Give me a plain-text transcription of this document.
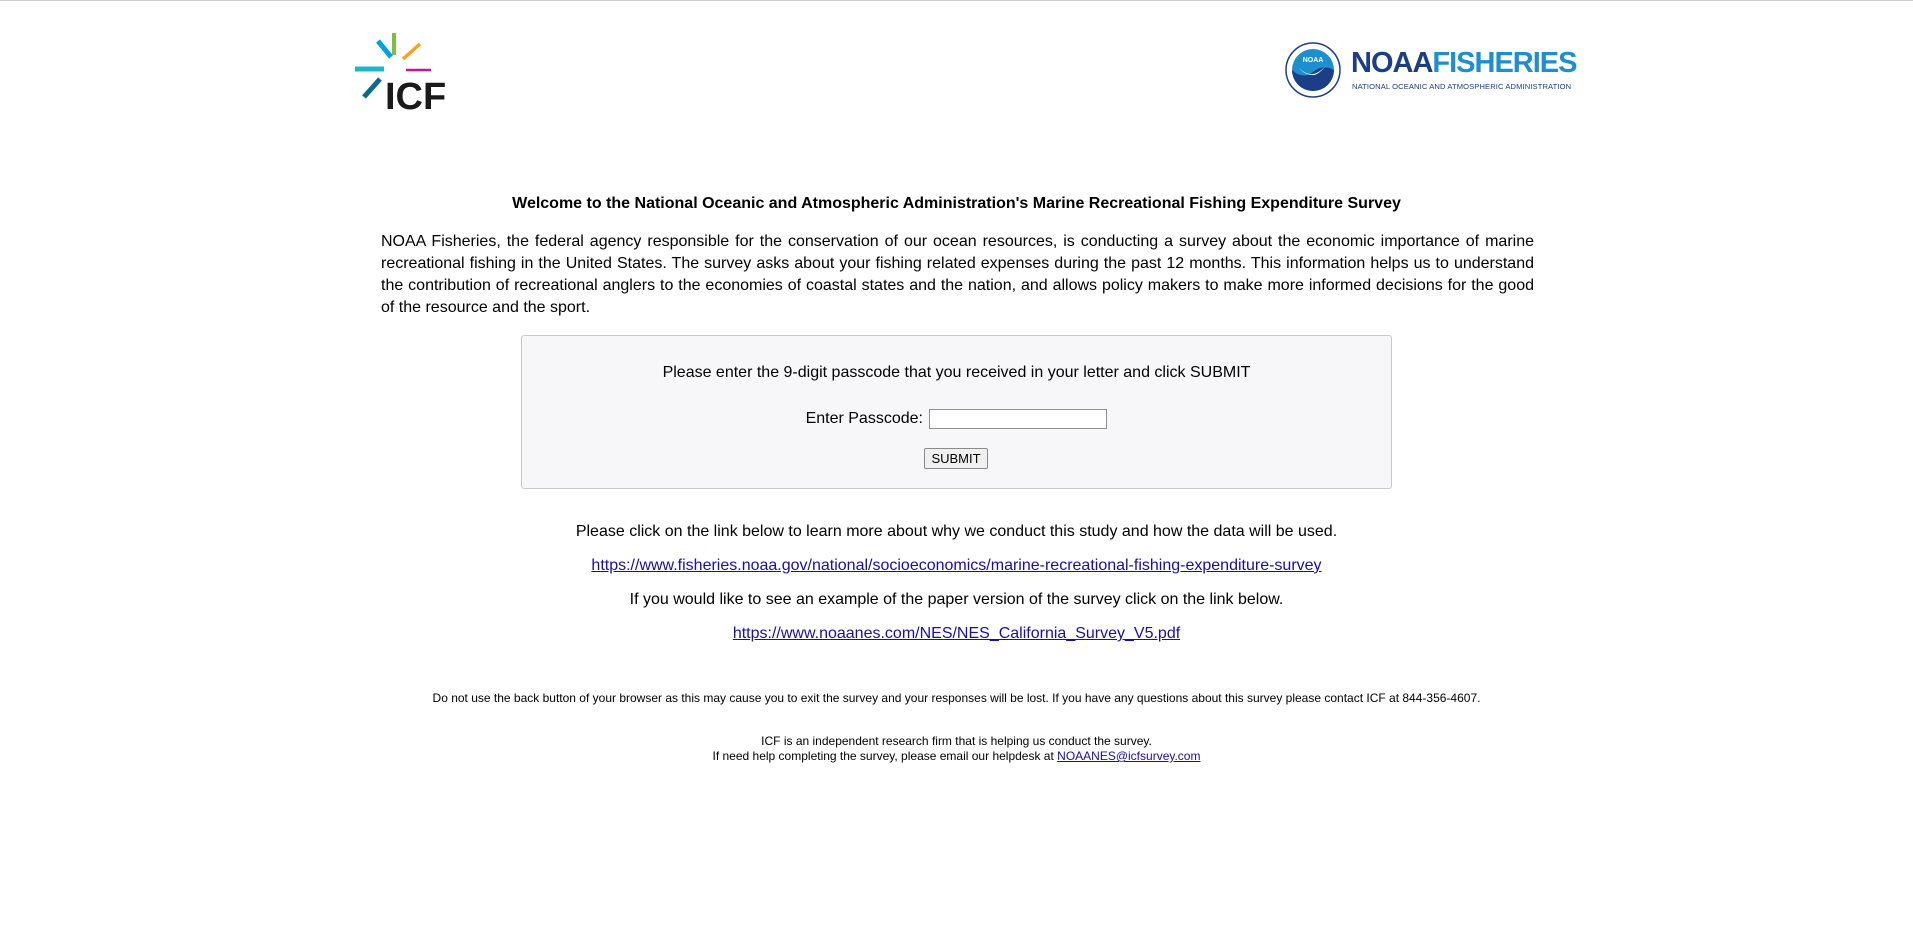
ICF
NOAA NOAAFISHERIES
NATIONAL OCEANIC AND ATMOSPHERIC ADMINISTRATION
Welcome to the National Oceanic and Atmospheric Administration's Marine Recreational Fishing Expenditure Survey
NOAA Fisheries, the federal agency responsible for the conservation of our ocean resources, is conducting a survey about the economic importance of marine recreational fishing in the United States. The survey asks about your fishing related expenses during the past 12 months. This information helps us to understand the contribution of recreational anglers to the economies of coastal states and the nation, and allows policy makers to make more informed decisions for the good of the resource and the sport.
Please enter the 9-digit passcode that you received in your letter and click SUBMIT
Enter Passcode:
SUBMIT
Please click on the link below to learn more about why we conduct this study and how the data will be used.
https://www.fisheries.noaa.gov/national/socioeconomics/marine-recreational-fishing-expenditure-survey
If you would like to see an example of the paper version of the survey click on the link below.
https://www.noaanes.com/NES/NES_California_Survey_V5.pdf
Do not use the back button of your browser as this may cause you to exit the survey and your responses will be lost. If you have any questions about this survey please contact ICF at 844-356-4607.
ICF is an independent research firm that is helping us conduct the survey.
If need help completing the survey, please email our helpdesk at NOAANES@icfsurvey.com
